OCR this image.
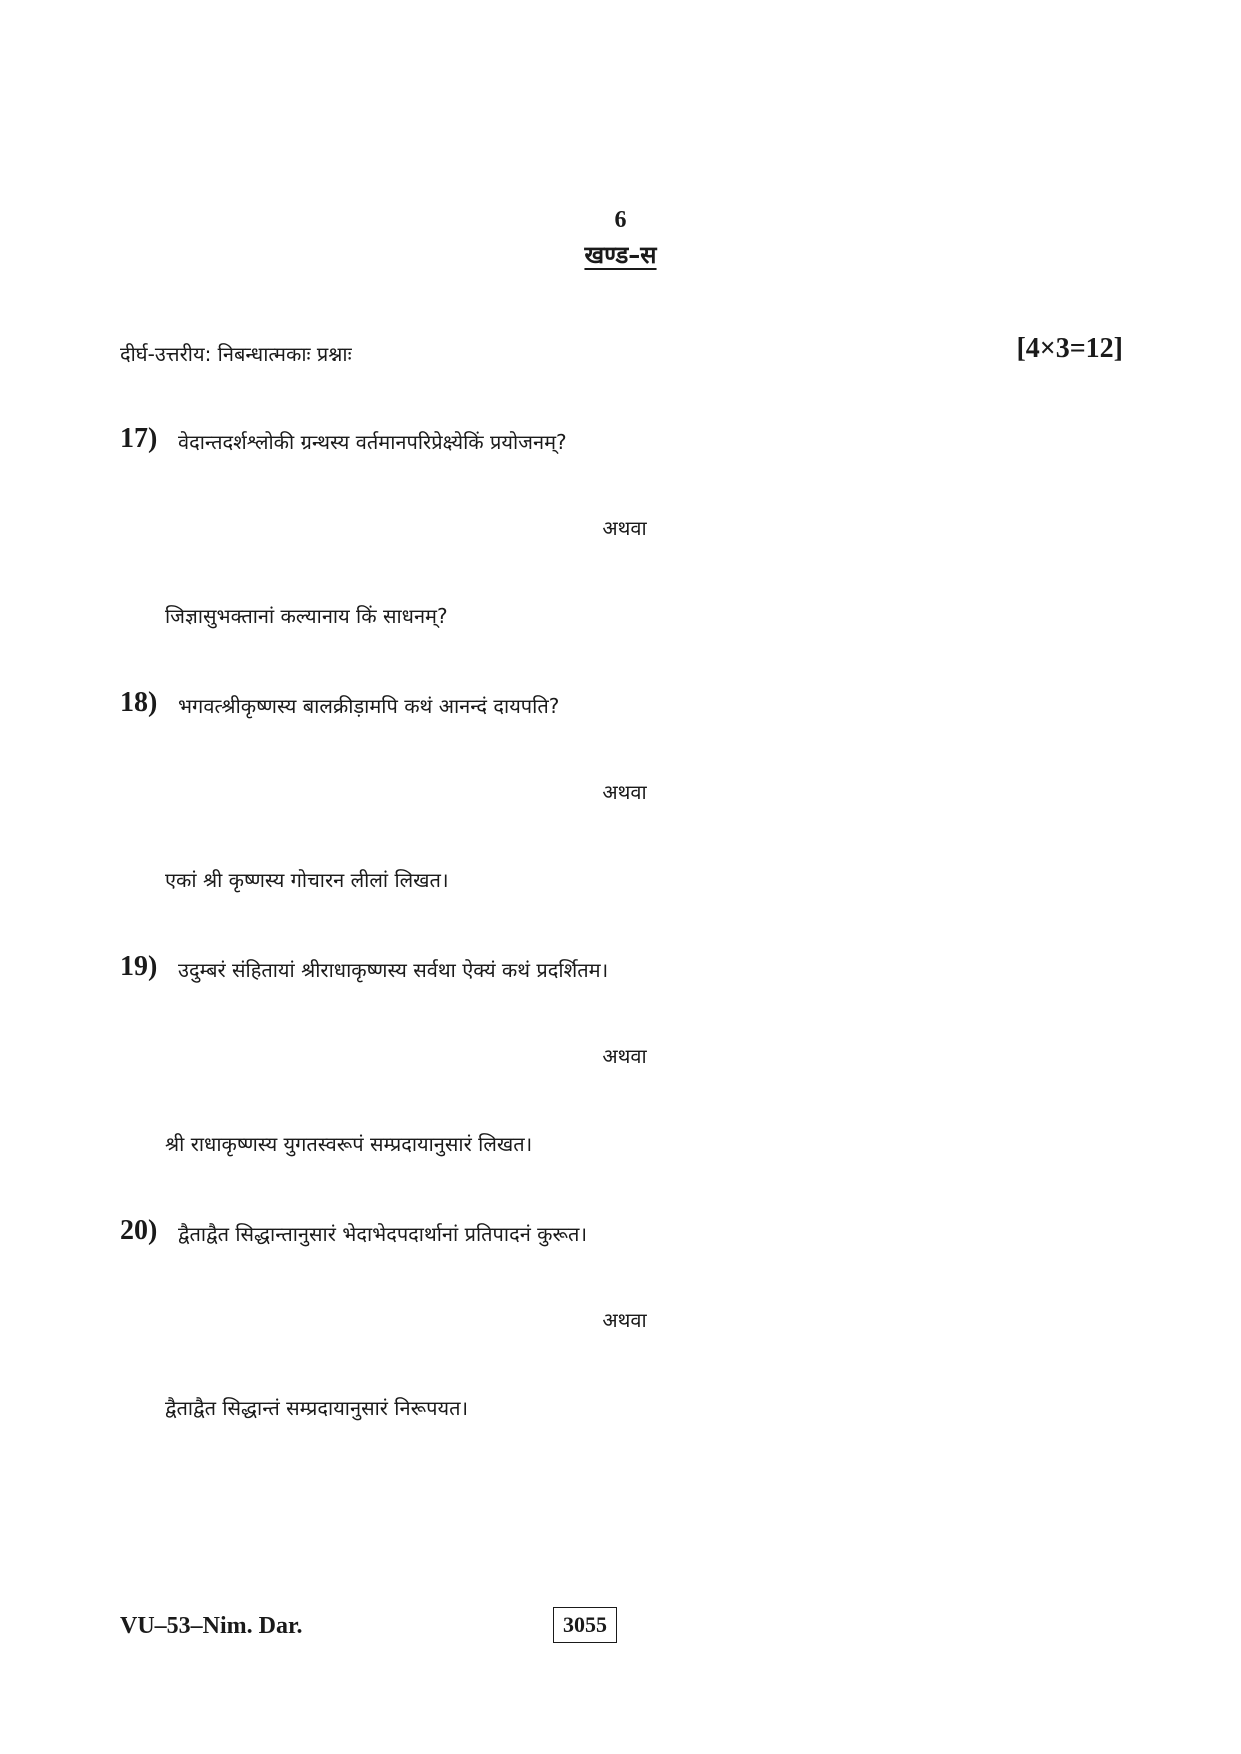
6
खण्ड–स
दीर्घ-उत्तरीय: निबन्धात्मकाः प्रश्नाः	[4×3=12]
17) वेदान्तदर्शश्लोकी ग्रन्थस्य वर्तमानपरिप्रेक्ष्येकिं प्रयोजनम्?
अथवा
जिज्ञासुभक्तानां कल्यानाय किं साधनम्?
18) भगवत्श्रीकृष्णस्य बालक्रीड़ामपि कथं आनन्दं दायपति?
अथवा
एकां श्री कृष्णस्य गोचारन लीलां लिखत।
19) उदुम्बरं संहितायां श्रीराधाकृष्णस्य सर्वथा ऐक्यं कथं प्रदर्शितम।
अथवा
श्री राधाकृष्णस्य युगतस्वरूपं सम्प्रदायानुसारं लिखत।
20) द्वैताद्वैत सिद्धान्तानुसारं भेदाभेदपदार्थानां प्रतिपादनं कुरूत।
अथवा
द्वैताद्वैत सिद्धान्तं सम्प्रदायानुसारं निरूपयत।
VU–53–Nim. Dar.	3055
